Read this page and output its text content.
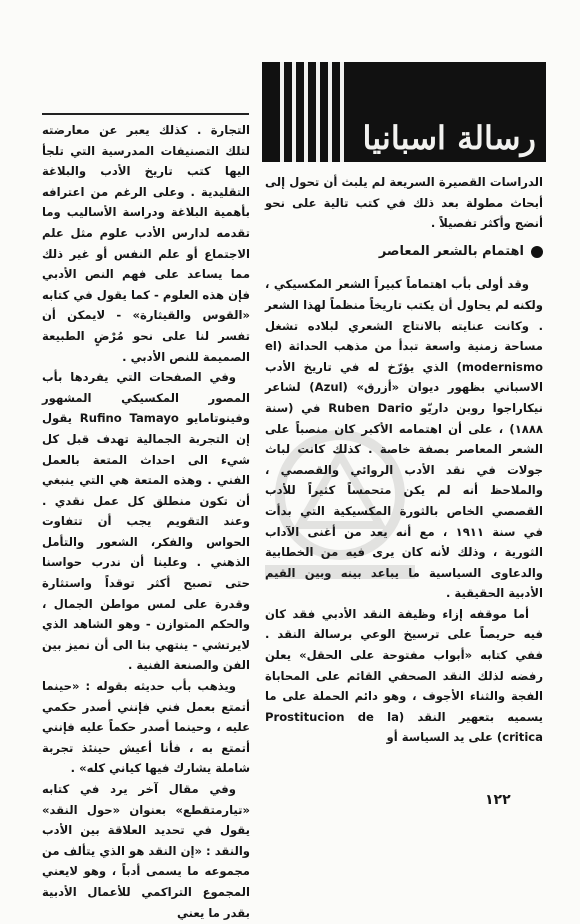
رسالة اسبانيا

الدراسات القصيرة السريعة لم يلبث أن تحول إلى أبحاث مطولة بعد ذلك في كتب تالية على نحو أنضج وأكثر تفصيلاً .

اهتمام بالشعر المعاصر

وقد أولى بأب اهتماماً كبيراً الشعر المكسيكي ، ولكنه لم يحاول أن يكتب تاريخاً منظماً لهذا الشعر . وكانت عنايته بالانتاج الشعري لبلاده تشغل مساحة زمنية واسعة تبدأ من مذهب الحداثة (el modernismo) الذي يؤرّخ له في تاريخ الأدب الاسباني بظهور ديوان «أزرق» (Azul) لشاعر نيكاراجوا روبن داريّو Ruben Dario في (سنة ١٨٨٨) ، على أن اهتمامه الأكبر كان منصباً على الشعر المعاصر بصفة خاصة . كذلك كانت لباث جولات في نقد الأدب الروائي والقصصي ، والملاحظ أنه لم يكن متحمساً كثيراً للأدب القصصي الخاص بالثورة المكسيكية التي بدأت في سنة ١٩١١ ، مع أنه يعد من أغنى الآداب الثورية ، وذلك لأنه كان يرى فيه من الخطابية والدعاوى السياسية ما يباعد بينه وبين القيم الأدبية الحقيقية .

أما موقفه إزاء وظيفة النقد الأدبي فقد كان فيه حريصاً على ترسيخ الوعي برسالة النقد . ففي كتابه «أبواب مفتوحة على الحقل» يعلن رفضه لذلك النقد الصحفي القائم على المحاباة الفجة والثناء الأجوف ، وهو دائم الحملة على ما يسميه بتعهير النقد (Prostitucion de la critica) على يد السياسة أو

التجارة . كذلك يعبر عن معارضته لتلك التصنيفات المدرسية التي تلجأ اليها كتب تاريخ الأدب والبلاغة التقليدية . وعلى الرغم من اعترافه بأهمية البلاغة ودراسة الأساليب وما تقدمه لدارس الأدب علوم مثل علم الاجتماع أو علم النفس أو غير ذلك مما يساعد على فهم النص الأدبي فإن هذه العلوم - كما يقول في كتابه «القوس والقيثارة» - لايمكن أن تفسر لنا على نحو مُرْضٍ الطبيعة الصميمة للنص الأدبي .

وفي الصفحات التي يفردها بأب المصور المكسيكي المشهور وفينوتامايو Rufino Tamayo يقول إن التجربة الجمالية تهدف قبل كل شيء الى احداث المتعة بالعمل الفني . وهذه المتعة هي التي ينبغي أن تكون منطلق كل عمل نقدي . وعند التقويم يجب أن تتفاوت الحواس والفكر، الشعور والتأمل الذهني . وعلينا أن ندرب حواسنا حتى تصبح أكثر توقداً واستثارة وقدرة على لمس مواطن الجمال ، والحكم المتوازن - وهو الشاهد الذي لايرتشي - ينتهي بنا الى أن نميز بين الفن والصنعة الفنية .

ويذهب بأب حديثه بقوله : «حينما أتمتع بعمل فني فإنني أصدر حكمي عليه ، وحينما أصدر حكماً عليه فإنني أتمتع به ، فأنا أعيش حينئذ تجربة شاملة يشارك فيها كياني كله» .

وفي مقال آخر يرد في كتابه «تيارمتقطع» بعنوان «حول النقد» يقول في تحديد العلاقة بين الأدب والنقد : «إن النقد هو الذي يتألف من مجموعه ما يسمى أدباً ، وهو لايعني المجموع التراكمي للأعمال الأدبية بقدر ما يعني

١٢٢
